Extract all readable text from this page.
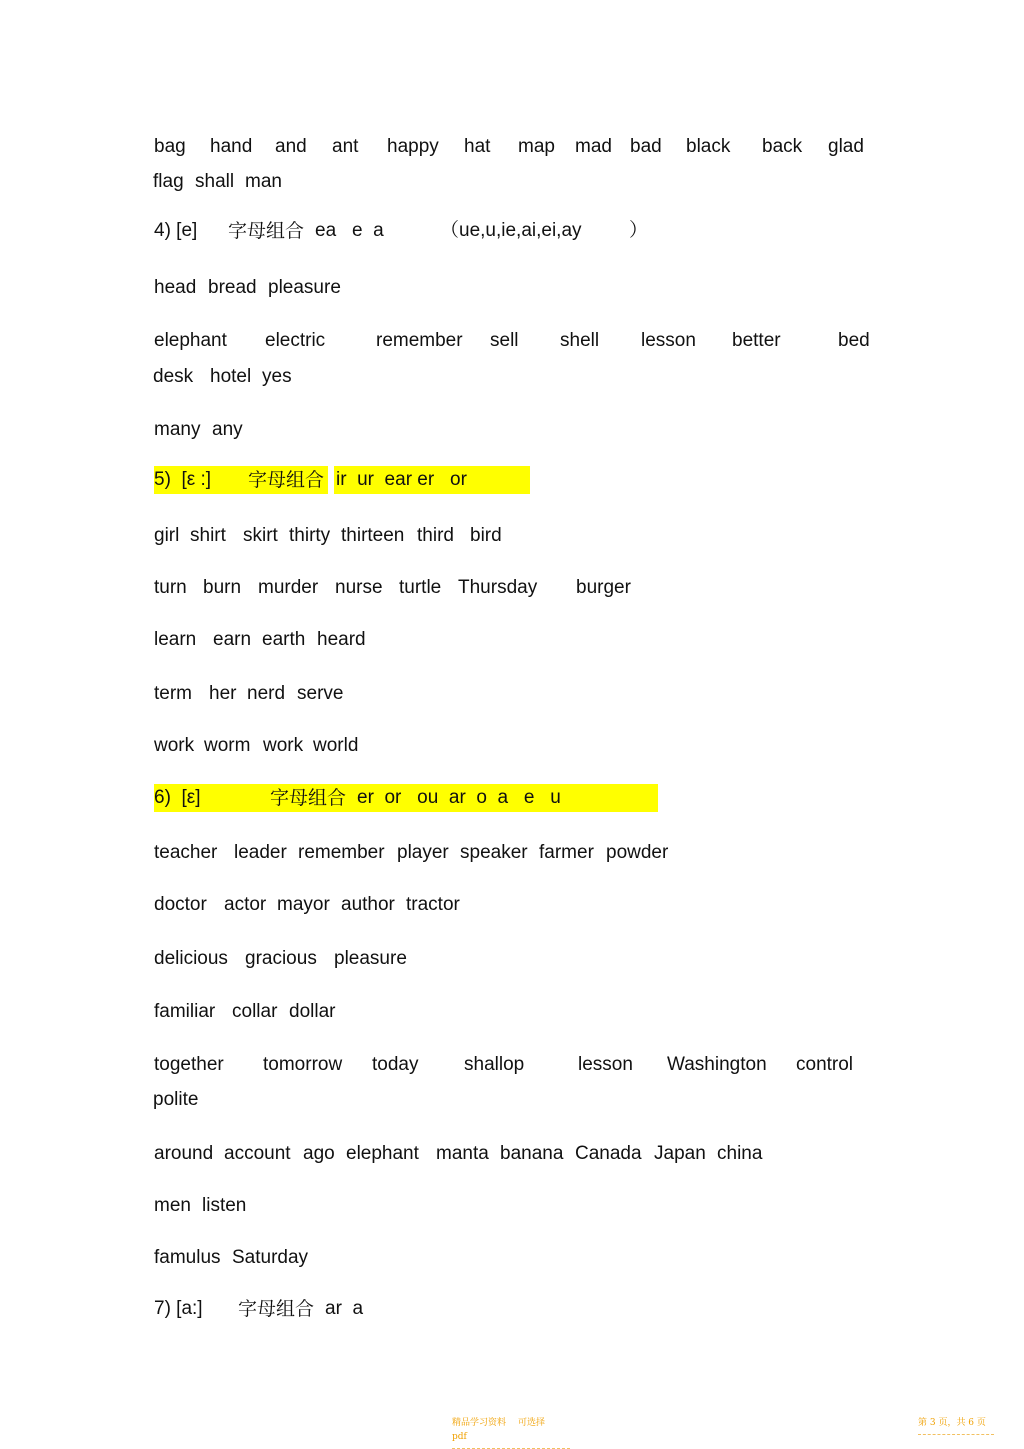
bag hand and ant happy hat map mad bad black back glad
flag shall man
4) [e] 字母组合 ea   e  a	（ue,u,ie,ai,ei,ay         ）
head bread pleasure
elephant electric	remember sell shell lesson better	bed
desk hotel yes
many any
5)  [ε :] 字母组合 ir  ur  ear er   or
girl shirt skirt thirty thirteen third bird
turn burn murder nurse turtle Thursday burger
learn earn earth heard
term her nerd serve
work worm work world
6)  [ε]	字母组合 er  or   ou  ar  o  a   e   u
teacher leader remember player speaker farmer powder
doctor actor mayor author tractor
delicious gracious pleasure
familiar collar dollar
together tomorrow today shallop	lesson Washington control
polite
around account ago elephant manta banana Canada Japan china
men listen
famulus Saturday
7) [a:] 字母组合 ar  a
精品学习资料 可选择pdf
第 3 页，共 6 页
